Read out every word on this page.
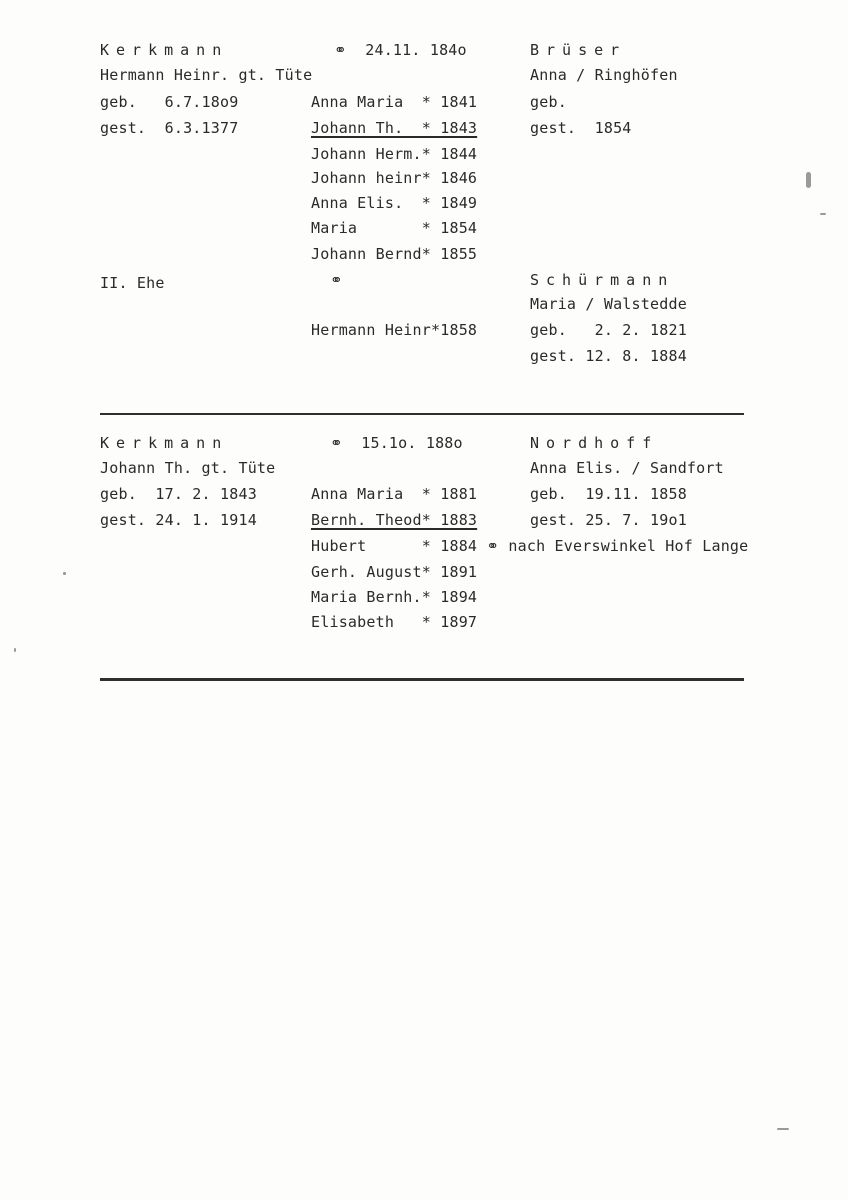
Kerkmann
Hermann Heinr. gt. Tüte
geb.   6.7.18o9
gest.  6.3.1377
⚭  24.11. 184o
Anna Maria  * 1841
Johann Th.  * 1843
Johann Herm.* 1844
Johann heinr* 1846
Anna Elis.  * 1849
Maria       * 1854
Johann Bernd* 1855
Brüser
Anna / Ringhöfen
geb.
gest.  1854
II. Ehe	⚭
Hermann Heinr*1858
Schürmann
Maria / Walstedde
geb.   2. 2. 1821
gest. 12. 8. 1884
Kerkmann
Johann Th. gt. Tüte
geb.  17. 2. 1843
gest. 24. 1. 1914
⚭  15.1o. 188o
Anna Maria  * 1881
Bernh. Theod* 1883
Hubert      * 1884 ⚭ nach Everswinkel Hof Lange
Gerh. August* 1891
Maria Bernh.* 1894
Elisabeth   * 1897
Nordhoff
Anna Elis. / Sandfort
geb.  19.11. 1858
gest. 25. 7. 19o1
